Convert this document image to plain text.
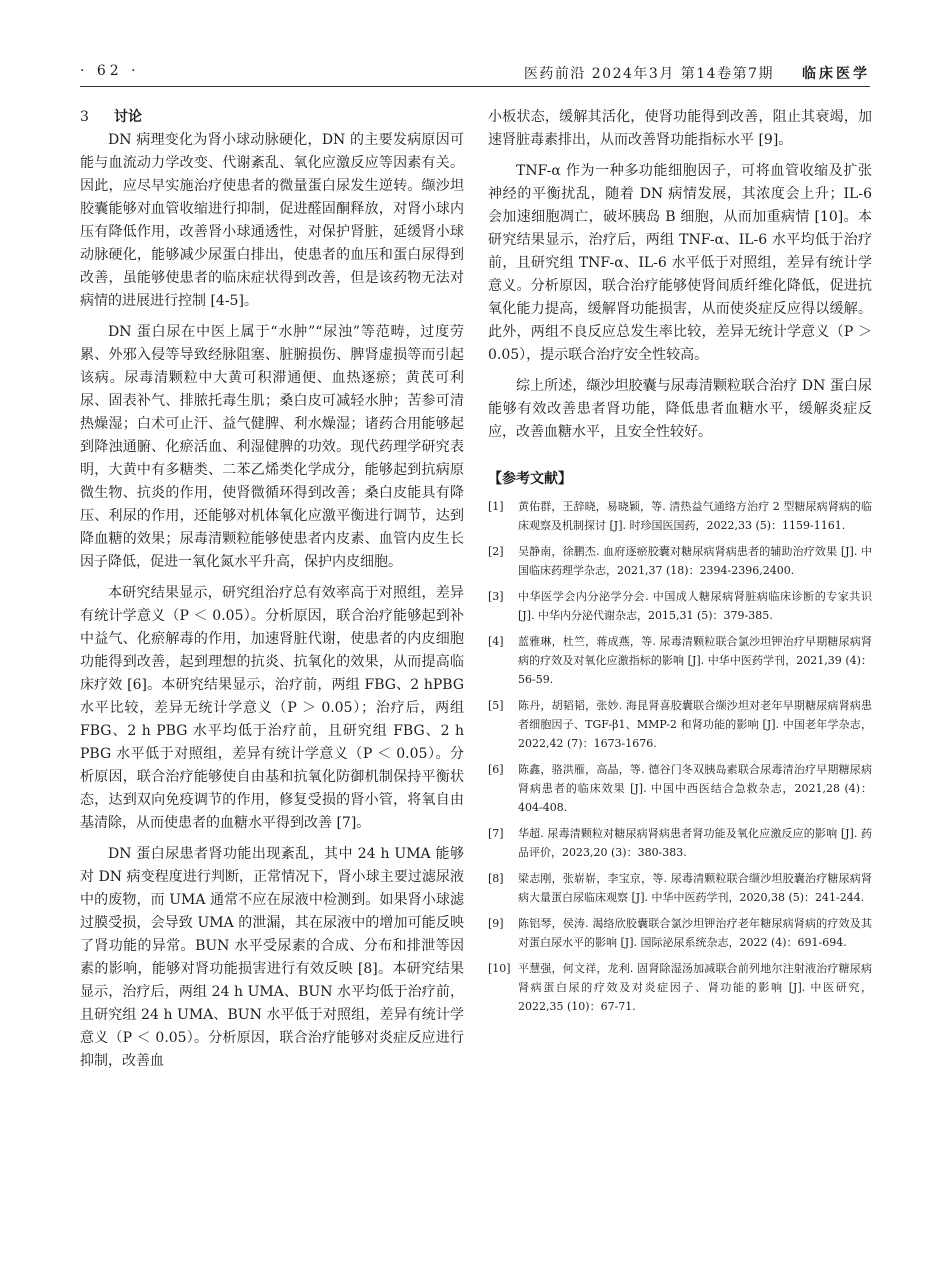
· 62 ·	医药前沿 2024年3月 第14卷第7期 临床医学
3 讨论

DN 病理变化为肾小球动脉硬化，DN 的主要发病原因可能与血流动力学改变、代谢紊乱、氧化应激反应等因素有关。因此，应尽早实施治疗使患者的微量蛋白尿发生逆转。缬沙坦胶囊能够对血管收缩进行抑制，促进醛固酮释放，对肾小球内压有降低作用，改善肾小球通透性，对保护肾脏，延缓肾小球动脉硬化，能够减少尿蛋白排出，使患者的血压和蛋白尿得到改善，虽能够使患者的临床症状得到改善，但是该药物无法对病情的进展进行控制 [4-5]。

DN 蛋白尿在中医上属于“水肿”“尿浊”等范畴，过度劳累、外邪入侵等导致经脉阻塞、脏腑损伤、脾肾虚损等而引起该病。尿毒清颗粒中大黄可积滞通便、血热逐瘀；黄芪可利尿、固表补气、排脓托毒生肌；桑白皮可减轻水肿；苦参可清热燥湿；白术可止汗、益气健脾、利水燥湿；诸药合用能够起到降浊通腑、化瘀活血、利湿健脾的功效。现代药理学研究表明，大黄中有多糖类、二苯乙烯类化学成分，能够起到抗病原微生物、抗炎的作用，使肾微循环得到改善；桑白皮能具有降压、利尿的作用，还能够对机体氧化应激平衡进行调节，达到降血糖的效果；尿毒清颗粒能够使患者内皮素、血管内皮生长因子降低，促进一氧化氮水平升高，保护内皮细胞。

本研究结果显示，研究组治疗总有效率高于对照组，差异有统计学意义（P ＜ 0.05）。分析原因，联合治疗能够起到补中益气、化瘀解毒的作用，加速肾脏代谢，使患者的内皮细胞功能得到改善，起到理想的抗炎、抗氧化的效果，从而提高临床疗效 [6]。本研究结果显示，治疗前，两组 FBG、2 hPBG 水平比较，差异无统计学意义（P ＞ 0.05）；治疗后，两组 FBG、2 h PBG 水平均低于治疗前，且研究组 FBG、2 h PBG 水平低于对照组，差异有统计学意义（P ＜ 0.05）。分析原因，联合治疗能够使自由基和抗氧化防御机制保持平衡状态，达到双向免疫调节的作用，修复受损的肾小管，将氧自由基清除，从而使患者的血糖水平得到改善 [7]。

DN 蛋白尿患者肾功能出现紊乱，其中 24 h UMA 能够对 DN 病变程度进行判断，正常情况下，肾小球主要过滤尿液中的废物，而 UMA 通常不应在尿液中检测到。如果肾小球滤过膜受损，会导致 UMA 的泄漏，其在尿液中的增加可能反映了肾功能的异常。BUN 水平受尿素的合成、分布和排泄等因素的影响，能够对肾功能损害进行有效反映 [8]。本研究结果显示，治疗后，两组 24 h UMA、BUN 水平均低于治疗前，且研究组 24 h UMA、BUN 水平低于对照组，差异有统计学意义（P ＜ 0.05）。分析原因，联合治疗能够对炎症反应进行抑制，改善血

小板状态，缓解其活化，使肾功能得到改善，阻止其衰竭，加速肾脏毒素排出，从而改善肾功能指标水平 [9]。

TNF-α 作为一种多功能细胞因子，可将血管收缩及扩张神经的平衡扰乱，随着 DN 病情发展，其浓度会上升；IL-6 会加速细胞凋亡，破坏胰岛 B 细胞，从而加重病情 [10]。本研究结果显示，治疗后，两组 TNF-α、IL-6 水平均低于治疗前，且研究组 TNF-α、IL-6 水平低于对照组，差异有统计学意义。分析原因，联合治疗能够使肾间质纤维化降低，促进抗氧化能力提高，缓解肾功能损害，从而使炎症反应得以缓解。此外，两组不良反应总发生率比较，差异无统计学意义（P ＞ 0.05），提示联合治疗安全性较高。

综上所述，缬沙坦胶囊与尿毒清颗粒联合治疗 DN 蛋白尿能够有效改善患者肾功能，降低患者血糖水平，缓解炎症反应，改善血糖水平，且安全性较好。

【参考文献】
[1] 黄佑群，王辞晓，易晓颖，等. 清热益气通络方治疗 2 型糖尿病肾病的临床观察及机制探讨 [J]. 时珍国医国药，2022,33 (5)：1159-1161.
[2] 吴静南，徐鹏杰. 血府逐瘀胶囊对糖尿病肾病患者的辅助治疗效果 [J]. 中国临床药理学杂志，2021,37 (18)：2394-2396,2400.
[3] 中华医学会内分泌学分会. 中国成人糖尿病肾脏病临床诊断的专家共识 [J]. 中华内分泌代谢杂志，2015,31 (5)：379-385.
[4] 蓝雅琳，杜竺，蒋成燕，等. 尿毒清颗粒联合氯沙坦钾治疗早期糖尿病肾病的疗效及对氧化应激指标的影响 [J]. 中华中医药学刊，2021,39 (4)：56-59.
[5] 陈丹，胡韬韬，张妙. 海昆肾喜胶囊联合缬沙坦对老年早期糖尿病肾病患者细胞因子、TGF-β1、MMP-2 和肾功能的影响 [J]. 中国老年学杂志，2022,42 (7)：1673-1676.
[6] 陈鑫，骆洪雁，高晶，等. 德谷门冬双胰岛素联合尿毒清治疗早期糖尿病肾病患者的临床效果 [J]. 中国中西医结合急救杂志，2021,28 (4)：404-408.
[7] 华超. 尿毒清颗粒对糖尿病肾病患者肾功能及氧化应激反应的影响 [J]. 药品评价，2023,20 (3)：380-383.
[8] 梁志刚，张崭崭，李宝京，等. 尿毒清颗粒联合缬沙坦胶囊治疗糖尿病肾病大量蛋白尿临床观察 [J]. 中华中医药学刊，2020,38 (5)：241-244.
[9] 陈铝琴，侯涛. 渴络欣胶囊联合氯沙坦钾治疗老年糖尿病肾病的疗效及其对蛋白尿水平的影响 [J]. 国际泌尿系统杂志，2022 (4)：691-694.
[10] 平慧强，何文祥，龙利. 固肾除湿汤加减联合前列地尔注射液治疗糖尿病肾病蛋白尿的疗效及对炎症因子、肾功能的影响 [J]. 中医研究，2022,35 (10)：67-71.
